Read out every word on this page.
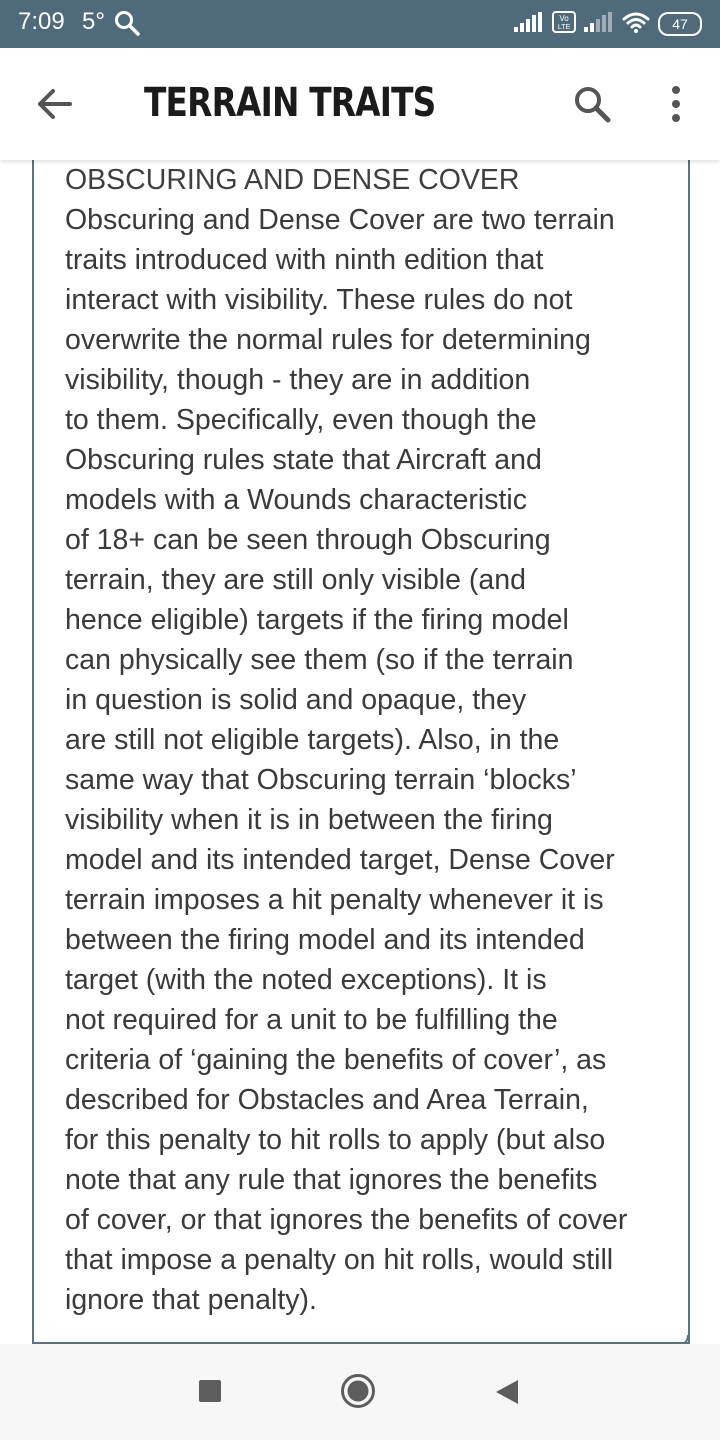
7:09 5°	Vo
LTE	47
TERRAIN TRAITS
OBSCURING AND DENSE COVER
Obscuring and Dense Cover are two terrain
traits introduced with ninth edition that
interact with visibility. These rules do not
overwrite the normal rules for determining
visibility, though - they are in addition
to them. Specifically, even though the
Obscuring rules state that Aircraft and
models with a Wounds characteristic
of 18+ can be seen through Obscuring
terrain, they are still only visible (and
hence eligible) targets if the firing model
can physically see them (so if the terrain
in question is solid and opaque, they
are still not eligible targets). Also, in the
same way that Obscuring terrain ‘blocks’
visibility when it is in between the firing
model and its intended target, Dense Cover
terrain imposes a hit penalty whenever it is
between the firing model and its intended
target (with the noted exceptions). It is
not required for a unit to be fulfilling the
criteria of ‘gaining the benefits of cover’, as
described for Obstacles and Area Terrain,
for this penalty to hit rolls to apply (but also
note that any rule that ignores the benefits
of cover, or that ignores the benefits of cover
that impose a penalty on hit rolls, would still
ignore that penalty).
